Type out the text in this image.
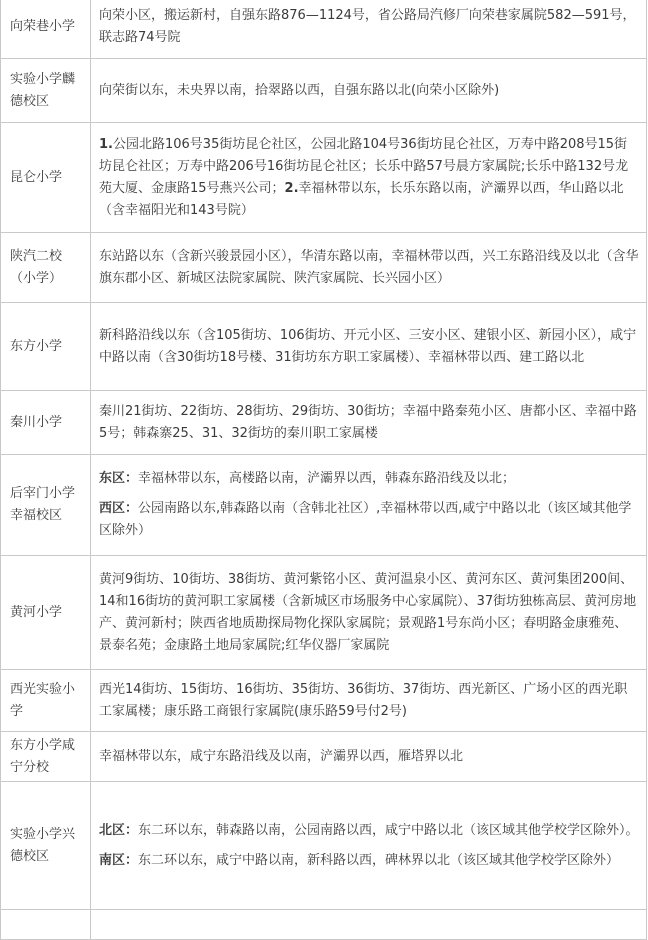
向荣巷小学	向荣小区，搬运新村，自强东路876—1124号，省公路局汽修厂向荣巷家属院582—591号，联志路74号院

实验小学麟德校区	向荣街以东，未央界以南，拾翠路以西，自强东路以北(向荣小区除外)

昆仑小学	1.公园北路106号35街坊昆仑社区，公园北路104号36街坊昆仑社区，万寿中路208号15街坊昆仑社区；万寿中路206号16街坊昆仑社区；长乐中路57号晨方家属院;长乐中路132号龙苑大厦、金康路15号燕兴公司；2.幸福林带以东，长乐东路以南，浐灞界以西，华山路以北（含幸福阳光和143号院）

陕汽二校（小学）	东站路以东（含新兴骏景园小区），华清东路以南，幸福林带以西，兴工东路沿线及以北（含华旗东郡小区、新城区法院家属院、陕汽家属院、长兴园小区）

东方小学	新科路沿线以东（含105街坊、106街坊、开元小区、三安小区、建银小区、新园小区），咸宁中路以南（含30街坊18号楼、31街坊东方职工家属楼）、幸福林带以西、建工路以北

秦川小学	秦川21街坊、22街坊、28街坊、29街坊、30街坊；幸福中路秦苑小区、唐都小区、幸福中路5号；韩森寨25、31、32街坊的秦川职工家属楼

后宰门小学幸福校区	东区：幸福林带以东，高楼路以南，浐灞界以西，韩森东路沿线及以北；

西区：公园南路以东,韩森路以南（含韩北社区）,幸福林带以西,咸宁中路以北（该区域其他学区除外）

黄河小学	黄河9街坊、10街坊、38街坊、黄河紫铭小区、黄河温泉小区、黄河东区、黄河集团200间、14和16街坊的黄河职工家属楼（含新城区市场服务中心家属院）、37街坊独栋高层、黄河房地产、黄河新村；陕西省地质勘探局物化探队家属院；景观路1号东尚小区；春明路金康雅苑、景泰名苑；金康路土地局家属院;红华仪器厂家属院

西光实验小学	西光14街坊、15街坊、16街坊、35街坊、36街坊、37街坊、西光新区、广场小区的西光职工家属楼；康乐路工商银行家属院(康乐路59号付2号)

东方小学咸宁分校	幸福林带以东，咸宁东路沿线及以南，浐灞界以西，雁塔界以北

实验小学兴德校区	北区：东二环以东，韩森路以南，公园南路以西，咸宁中路以北（该区域其他学校学区除外）。

南区：东二环以东，咸宁中路以南，新科路以西，碑林界以北（该区域其他学校学区除外）
